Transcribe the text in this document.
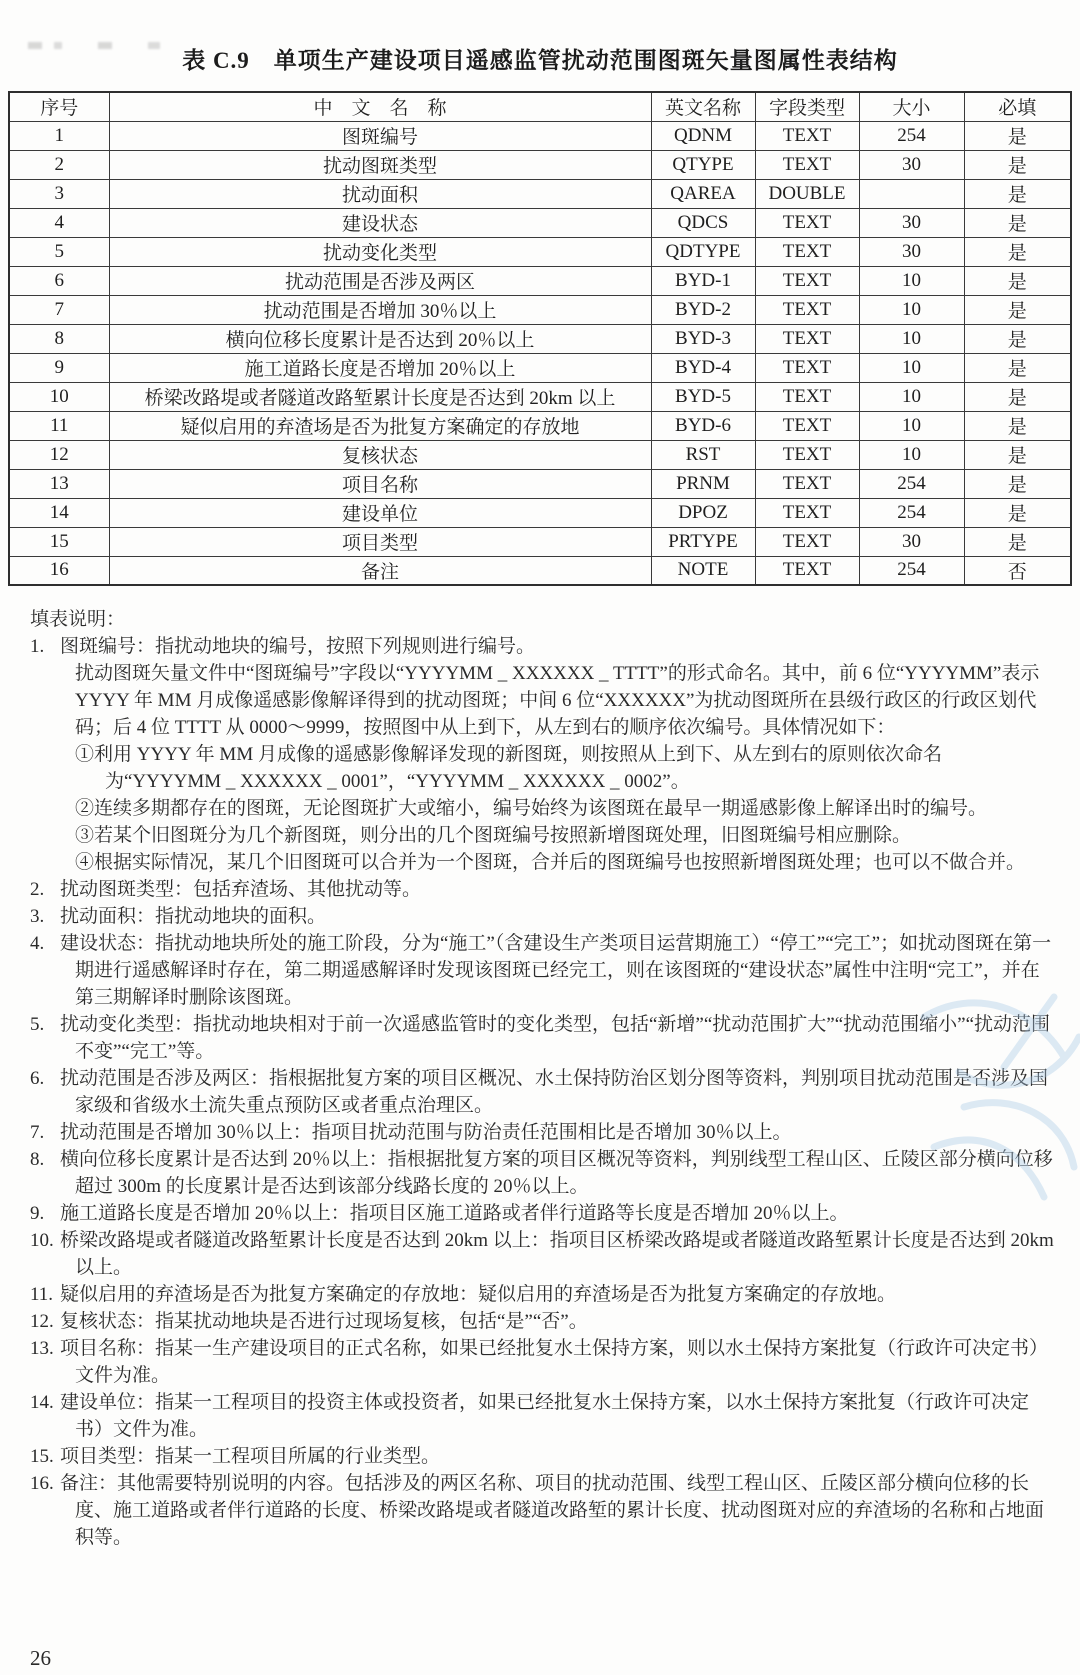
表 C.9　单项生产建设项目遥感监管扰动范围图斑矢量图属性表结构
序号	中　文　名　称	英文名称	字段类型	大小	必填
1	图斑编号	QDNM	TEXT	254	是
2	扰动图斑类型	QTYPE	TEXT	30	是
3	扰动面积	QAREA	DOUBLE		是
4	建设状态	QDCS	TEXT	30	是
5	扰动变化类型	QDTYPE	TEXT	30	是
6	扰动范围是否涉及两区	BYD-1	TEXT	10	是
7	扰动范围是否增加 30％以上	BYD-2	TEXT	10	是
8	横向位移长度累计是否达到 20％以上	BYD-3	TEXT	10	是
9	施工道路长度是否增加 20％以上	BYD-4	TEXT	10	是
10	桥梁改路堤或者隧道改路堑累计长度是否达到 20km 以上	BYD-5	TEXT	10	是
11	疑似启用的弃渣场是否为批复方案确定的存放地	BYD-6	TEXT	10	是
12	复核状态	RST	TEXT	10	是
13	项目名称	PRNM	TEXT	254	是
14	建设单位	DPOZ	TEXT	254	是
15	项目类型	PRTYPE	TEXT	30	是
16	备注	NOTE	TEXT	254	否

填表说明：

1. 图斑编号：指扰动地块的编号，按照下列规则进行编号。

扰动图斑矢量文件中“图斑编号”字段以“YYYYMM _ XXXXXX _ TTTT”的形式命名。其中，前 6 位“YYYYMM”表示 YYYY 年 MM 月成像遥感影像解译得到的扰动图斑；中间 6 位“XXXXXX”为扰动图斑所在县级行政区的行政区划代码；后 4 位 TTTT 从 0000～9999，按照图中从上到下，从左到右的顺序依次编号。具体情况如下：

①利用 YYYY 年 MM 月成像的遥感影像解译发现的新图斑，则按照从上到下、从左到右的原则依次命名为“YYYYMM _ XXXXXX _ 0001”，“YYYYMM _ XXXXXX _ 0002”。

②连续多期都存在的图斑，无论图斑扩大或缩小，编号始终为该图斑在最早一期遥感影像上解译出时的编号。

③若某个旧图斑分为几个新图斑，则分出的几个图斑编号按照新增图斑处理，旧图斑编号相应删除。

④根据实际情况，某几个旧图斑可以合并为一个图斑，合并后的图斑编号也按照新增图斑处理；也可以不做合并。

2. 扰动图斑类型：包括弃渣场、其他扰动等。

3. 扰动面积：指扰动地块的面积。

4. 建设状态：指扰动地块所处的施工阶段，分为“施工”（含建设生产类项目运营期施工）“停工”“完工”；如扰动图斑在第一期进行遥感解译时存在，第二期遥感解译时发现该图斑已经完工，则在该图斑的“建设状态”属性中注明“完工”，并在第三期解译时删除该图斑。

5. 扰动变化类型：指扰动地块相对于前一次遥感监管时的变化类型，包括“新增”“扰动范围扩大”“扰动范围缩小”“扰动范围不变”“完工”等。

6. 扰动范围是否涉及两区：指根据批复方案的项目区概况、水土保持防治区划分图等资料，判别项目扰动范围是否涉及国家级和省级水土流失重点预防区或者重点治理区。

7. 扰动范围是否增加 30％以上：指项目扰动范围与防治责任范围相比是否增加 30％以上。

8. 横向位移长度累计是否达到 20％以上：指根据批复方案的项目区概况等资料，判别线型工程山区、丘陵区部分横向位移超过 300m 的长度累计是否达到该部分线路长度的 20％以上。

9. 施工道路长度是否增加 20％以上：指项目区施工道路或者伴行道路等长度是否增加 20％以上。

10. 桥梁改路堤或者隧道改路堑累计长度是否达到 20km 以上：指项目区桥梁改路堤或者隧道改路堑累计长度是否达到 20km 以上。

11. 疑似启用的弃渣场是否为批复方案确定的存放地：疑似启用的弃渣场是否为批复方案确定的存放地。

12. 复核状态：指某扰动地块是否进行过现场复核，包括“是”“否”。

13. 项目名称：指某一生产建设项目的正式名称，如果已经批复水土保持方案，则以水土保持方案批复（行政许可决定书）文件为准。

14. 建设单位：指某一工程项目的投资主体或投资者，如果已经批复水土保持方案，以水土保持方案批复（行政许可决定书）文件为准。

15. 项目类型：指某一工程项目所属的行业类型。

16. 备注：其他需要特别说明的内容。包括涉及的两区名称、项目的扰动范围、线型工程山区、丘陵区部分横向位移的长度、施工道路或者伴行道路的长度、桥梁改路堤或者隧道改路堑的累计长度、扰动图斑对应的弃渣场的名称和占地面积等。

26
